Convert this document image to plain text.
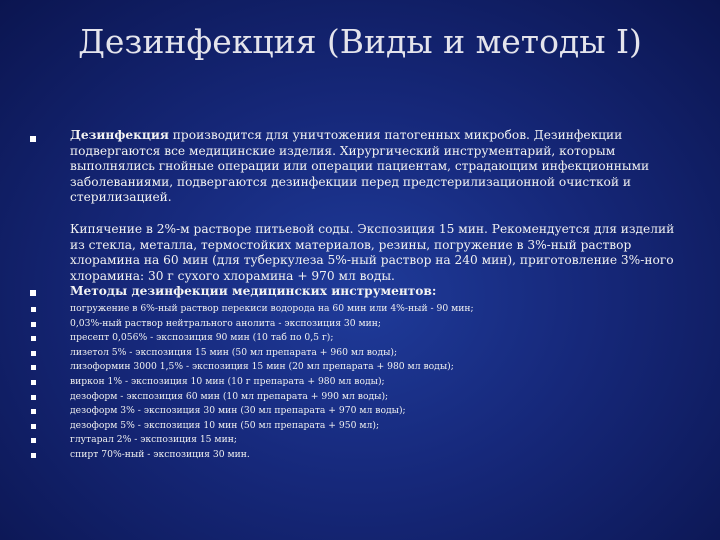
Дезинфекция (Виды и методы I)
Дезинфекция производится для уничтожения патогенных микробов. Дезинфекции подвергаются все медицинские изделия. Хирургический инструментарий, которым выполнялись гнойные операции или операции пациентам, страдающим инфекционными заболеваниями, подвергаются дезинфекции перед предстерилизационной очисткой и стерилизацией.
Кипячение в 2%-м растворе питьевой соды. Экспозиция 15 мин. Рекомендуется для изделий из стекла, металла, термостойких материалов, резины, погружение в 3%-ный раствор хлорамина на 60 мин (для туберкулеза 5%-ный раствор на 240 мин), приготовление 3%-ного хлорамина: 30 г сухого хлорамина + 970 мл воды.
Методы дезинфекции медицинских инструментов:
погружение в 6%-ный раствор перекиси водорода на 60 мин или 4%-ный - 90 мин;
0,03%-ный раствор нейтрального анолита - экспозиция 30 мин;
пресепт 0,056% - экспозиция 90 мин (10 таб по 0,5 г);
лизетол 5% - экспозиция 15 мин (50 мл препарата + 960 мл воды);
лизоформин 3000 1,5% - экспозиция 15 мин (20 мл препарата + 980 мл воды);
виркон 1% - экспозиция 10 мин (10 г препарата + 980 мл воды);
дезоформ - экспозиция 60 мин (10 мл препарата + 990 мл воды);
дезоформ 3% - экспозиция 30 мин (30 мл препарата + 970 мл воды);
дезоформ 5% - экспозиция 10 мин (50 мл препарата + 950 мл);
глутарал 2% - экспозиция 15 мин;
спирт 70%-ный - экспозиция 30 мин.
